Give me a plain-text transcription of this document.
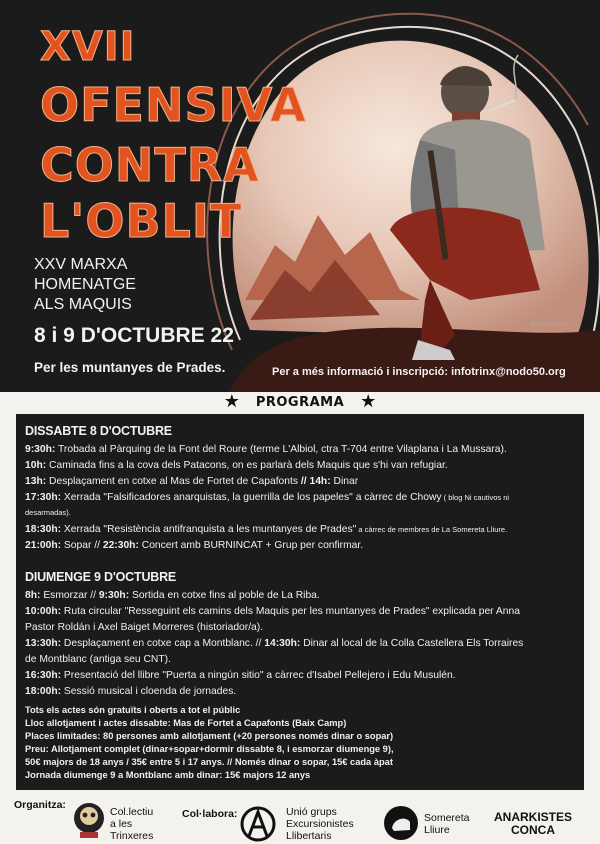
XVII
OFENSIVA
CONTRA
L'OBLIT
XXV MARXA
HOMENATGE
ALS MAQUIS
8 i 9 D'OCTUBRE 22
Per les muntanyes de Prades.
@THIGCARA
Per a més informació i inscripció: infotrinx@nodo50.org
★ PROGRAMA ★
DISSABTE 8 D'OCTUBRE
9:30h: Trobada al Pàrquing de la Font del Roure (terme L'Albiol, ctra T-704 entre Vilaplana i La Mussara).
10h: Caminada fins a la cova dels Patacons, on es parlarà dels Maquis que s'hi van refugiar.
13h: Desplaçament en cotxe al Mas de Fortet de Capafonts // 14h: Dinar
17:30h: Xerrada "Falsificadores anarquistas, la guerrilla de los papeles" a càrrec de Chowy ( blog Ni cautivos ni
desarmadas).
18:30h: Xerrada "Resistència antifranquista a les muntanyes de Prades" a càrrec de membres de La Somereta Lliure.
21:00h: Sopar // 22:30h: Concert amb BURNINCAT + Grup per confirmar.
DIUMENGE 9 D'OCTUBRE
8h: Esmorzar // 9:30h: Sortida en cotxe fins al poble de La Riba.
10:00h: Ruta circular "Resseguint els camins dels Maquis per les muntanyes de Prades" explicada per Anna
Pastor Roldán i Axel Baiget Morreres (historiador/a).
13:30h: Desplaçament en cotxe cap a Montblanc. // 14:30h: Dinar al local de la Colla Castellera Els Torraires
de Montblanc (antiga seu CNT).
16:30h: Presentació del llibre "Puerta a ningún sitio" a càrrec d'Isabel Pellejero i Edu Musulén.
18:00h: Sessió musical i cloenda de jornades.
Tots els actes són gratuïts i oberts a tot el públic
Lloc allotjament i actes dissabte: Mas de Fortet a Capafonts (Baix Camp)
Places limitades: 80 persones amb allotjament (+20 persones només dinar o sopar)
Preu: Allotjament complet (dinar+sopar+dormir dissabte 8, i esmorzar diumenge 9),
50€ majors de 18 anys / 35€ entre 5 i 17 anys. // Només dinar o sopar, 15€ cada àpat
Jornada diumenge 9 a Montblanc amb dinar: 15€ majors 12 anys
Organitza:
Col.lectiu
a les
Trinxeres
Col·labora:	Unió grups
Excursionistes
Llibertaris
Somereta
Lliure
ANARKISTES
CONCA
